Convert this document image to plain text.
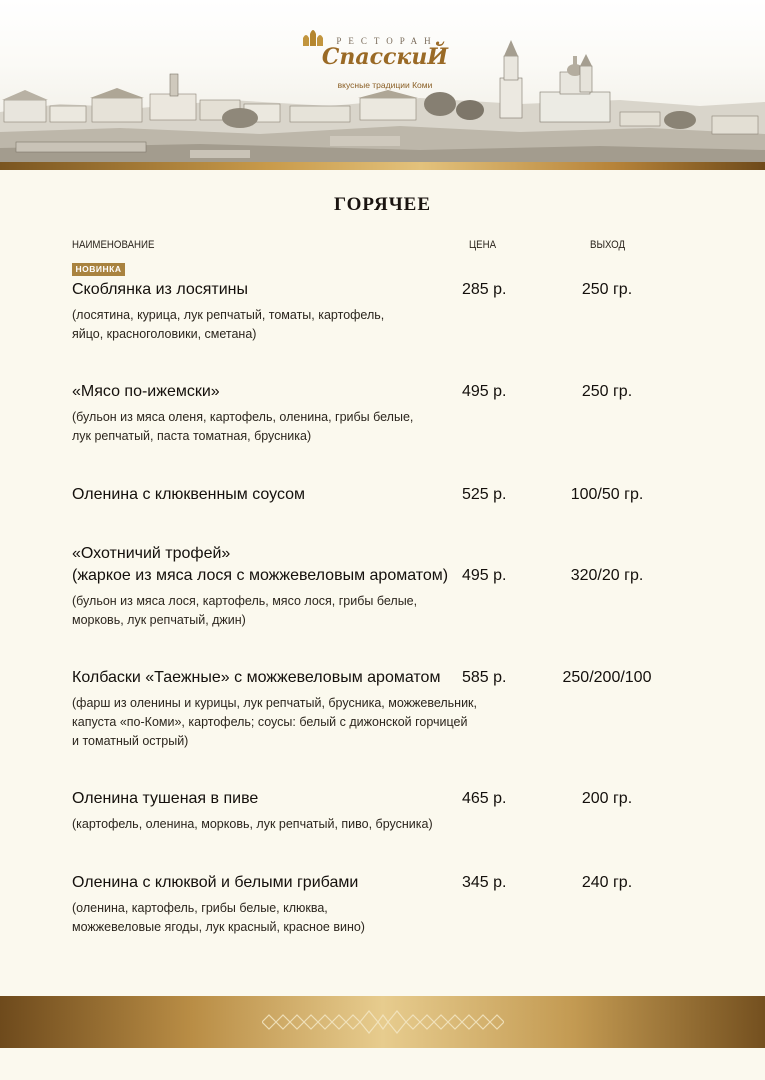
РЕСТОРАН
СпасскиЙ
вкусные традиции Коми
ГОРЯЧЕЕ
НАИМЕНОВАНИЕ	ЦЕНА	ВЫХОД
НОВИНКА
Скоблянка из лосятины	285 р.	250 гр.
(лосятина, курица, лук репчатый, томаты, картофель,
яйцо, красноголовики, сметана)
«Мясо по-ижемски»	495 р.	250 гр.
(бульон из мяса оленя, картофель, оленина, грибы белые,
лук репчатый, паста томатная, брусника)
Оленина с клюквенным соусом	525 р.	100/50 гр.
«Охотничий трофей»
(жаркое из мяса лося с можжевеловым ароматом) 495 р.	320/20 гр.
(бульон из мяса лося, картофель, мясо лося, грибы белые,
морковь, лук репчатый, джин)
Колбаски «Таежные» с можжевеловым ароматом 585 р.	250/200/100
(фарш из оленины и курицы, лук репчатый, брусника, можжевельник,
капуста «по-Коми», картофель; соусы: белый с дижонской горчицей
и томатный острый)
Оленина тушеная в пиве	465 р.	200 гр.
(картофель, оленина, морковь, лук репчатый, пиво, брусника)
Оленина с клюквой и белыми грибами	345 р.	240 гр.
(оленина, картофель, грибы белые, клюква,
можжевеловые ягоды, лук красный, красное вино)
